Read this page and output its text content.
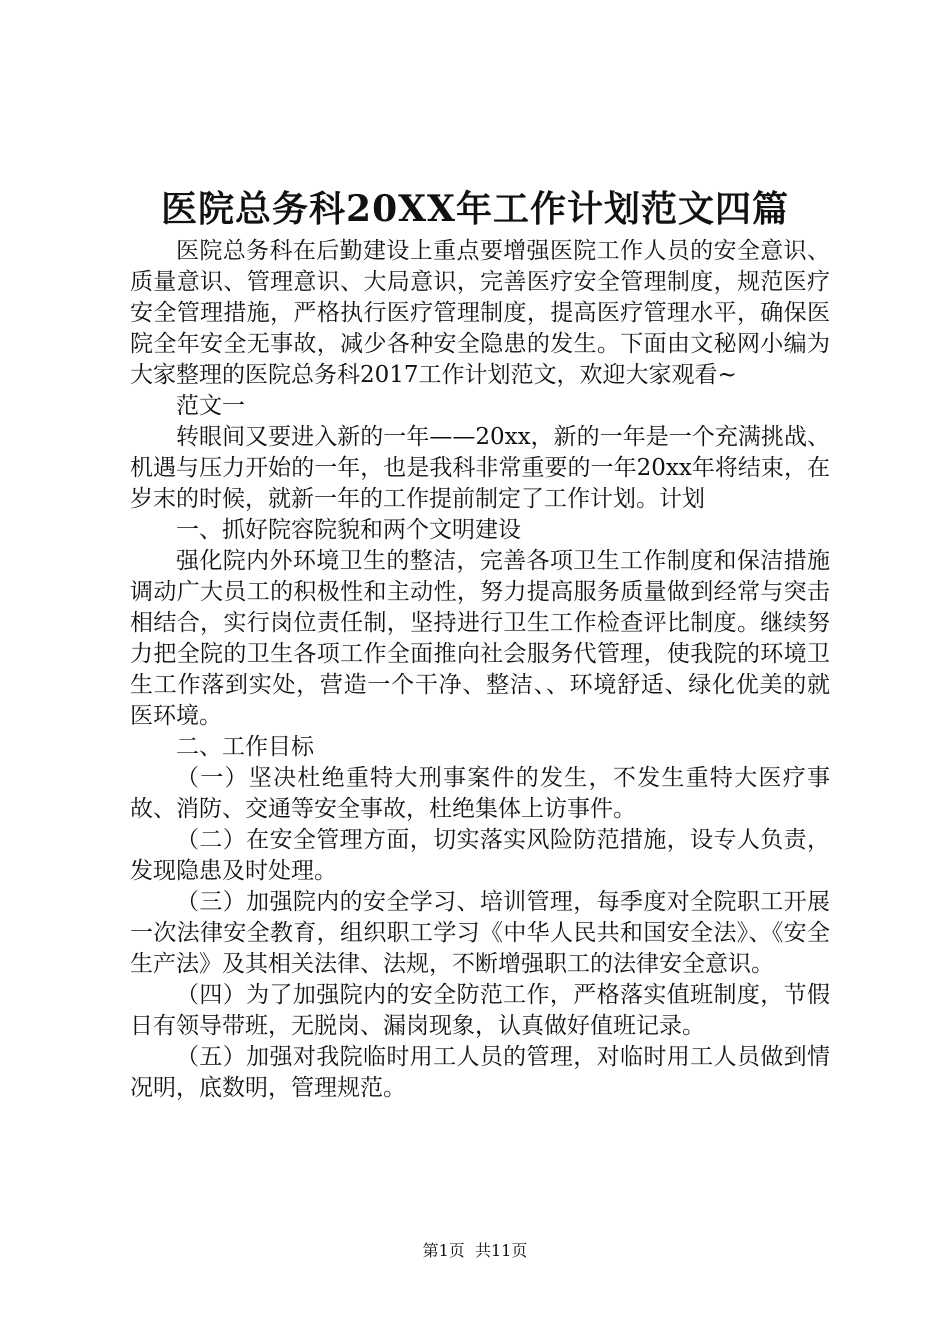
医院总务科20XX年工作计划范文四篇

医院总务科在后勤建设上重点要增强医院工作人员的安全意识、质量意识、管理意识、大局意识，完善医疗安全管理制度，规范医疗安全管理措施，严格执行医疗管理制度，提高医疗管理水平，确保医院全年安全无事故，减少各种安全隐患的发生。下面由文秘网小编为大家整理的医院总务科2017工作计划范文，欢迎大家观看~

范文一

转眼间又要进入新的一年——20xx，新的一年是一个充满挑战、机遇与压力开始的一年，也是我科非常重要的一年20xx年将结束，在岁末的时候，就新一年的工作提前制定了工作计划。计划

一、抓好院容院貌和两个文明建设

强化院内外环境卫生的整洁，完善各项卫生工作制度和保洁措施调动广大员工的积极性和主动性，努力提高服务质量做到经常与突击相结合，实行岗位责任制，坚持进行卫生工作检查评比制度。继续努力把全院的卫生各项工作全面推向社会服务代管理，使我院的环境卫生工作落到实处，营造一个干净、整洁、、环境舒适、绿化优美的就医环境。

二、工作目标

（一）坚决杜绝重特大刑事案件的发生，不发生重特大医疗事故、消防、交通等安全事故，杜绝集体上访事件。

（二）在安全管理方面，切实落实风险防范措施，设专人负责，发现隐患及时处理。

（三）加强院内的安全学习、培训管理，每季度对全院职工开展一次法律安全教育，组织职工学习《中华人民共和国安全法》、《安全生产法》及其相关法律、法规，不断增强职工的法律安全意识。

（四）为了加强院内的安全防范工作，严格落实值班制度，节假日有领导带班，无脱岗、漏岗现象，认真做好值班记录。

（五）加强对我院临时用工人员的管理，对临时用工人员做到情况明，底数明，管理规范。

第1页 共11页
